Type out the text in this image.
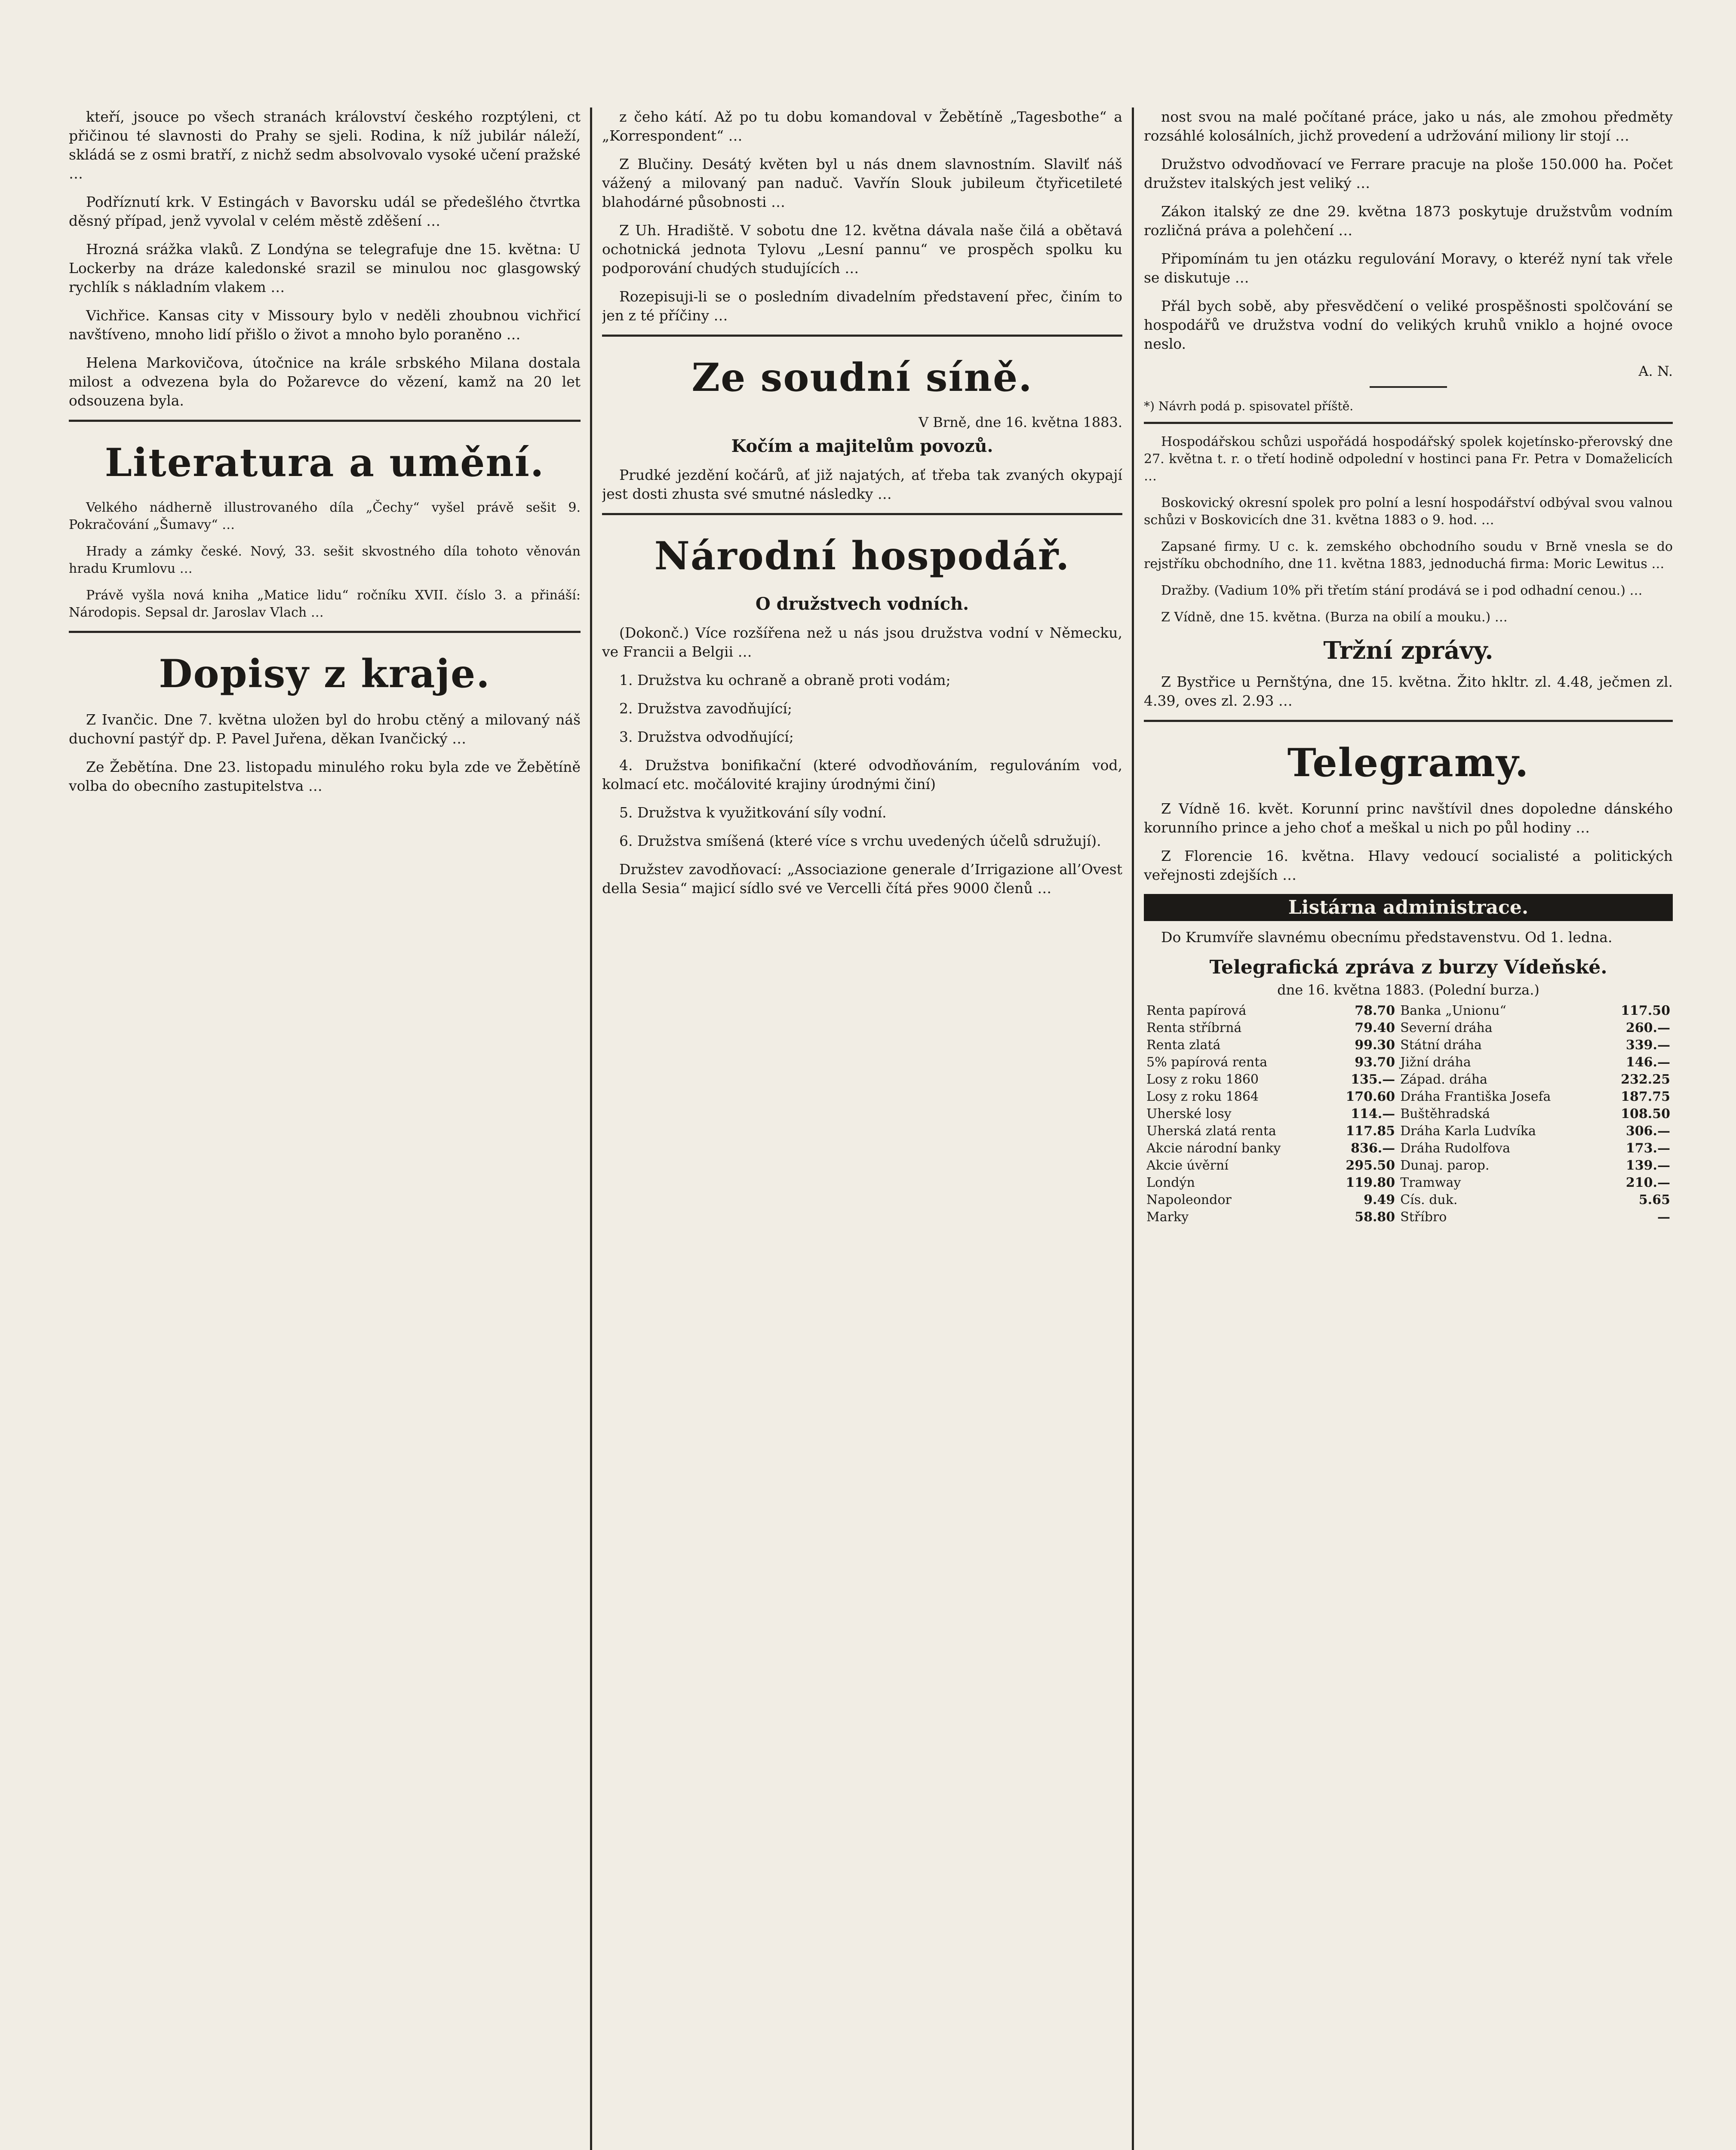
kteří, jsouce po všech stranách království českého rozptýleni, ct přičinou té slavnosti do Prahy se sjeli. Rodina, k níž jubilár náleží, skládá se z osmi bratří, z nichž sedm absolvovalo vysoké učení pražské …

Podříznutí krk. V Estingách v Bavorsku udál se předešlého čtvrtka děsný případ, jenž vyvolal v celém městě zděšení …

Hrozná srážka vlaků. Z Londýna se telegrafuje dne 15. května: U Lockerby na dráze kaledonské srazil se minulou noc glasgowský rychlík s nákladním vlakem …

Vichřice. Kansas city v Missoury bylo v neděli zhoubnou vichřicí navštíveno, mnoho lidí přišlo o život a mnoho bylo poraněno …

Helena Markovičova, útočnice na krále srbského Milana dostala milost a odvezena byla do Požarevce do vězení, kamž na 20 let odsouzena byla.

Literatura a umění.

Velkého nádherně illustrovaného díla „Čechy“ vyšel právě sešit 9. Pokračování „Šumavy“ …

Hrady a zámky české. Nový, 33. sešit skvostného díla tohoto věnován hradu Krumlovu …

Právě vyšla nová kniha „Matice lidu“ ročníku XVII. číslo 3. a přináší: Národopis. Sepsal dr. Jaroslav Vlach …

Dopisy z kraje.

Z Ivančic. Dne 7. května uložen byl do hrobu ctěný a milovaný náš duchovní pastýř dp. P. Pavel Juřena, děkan Ivančický …

Ze Žebětína. Dne 23. listopadu minulého roku byla zde ve Žebětíně volba do obecního zastupitelstva …

z čeho kátí. Až po tu dobu komandoval v Žebětíně „Tagesbothe“ a „Korrespondent“ …

Z Blučiny. Desátý květen byl u nás dnem slavnostním. Slavilť náš vážený a milovaný pan naduč. Vavřín Slouk jubileum čtyřicetileté blahodárné působnosti …

Z Uh. Hradiště. V sobotu dne 12. května dávala naše čilá a obětavá ochotnická jednota Tylovu „Lesní pannu“ ve prospěch spolku ku podporování chudých studujících …

Rozepisuji-li se o posledním divadelním představení přec, činím to jen z té příčiny …

Ze soudní síně.
V Brně, dne 16. května 1883.
Kočím a majitelům povozů.

Prudké jezdění kočárů, ať již najatých, ať třeba tak zvaných okypají jest dosti zhusta své smutné následky …

Národní hospodář.
O družstvech vodních.

(Dokonč.) Více rozšířena než u nás jsou družstva vodní v Německu, ve Francii a Belgii …

1. Družstva ku ochraně a obraně proti vodám;

2. Družstva zavodňující;

3. Družstva odvodňující;

4. Družstva bonifikační (které odvodňováním, regulováním vod, kolmací etc. močálovité krajiny úrodnými činí)

5. Družstva k využitkování síly vodní.

6. Družstva smíšená (které více s vrchu uvedených účelů sdružují).

Družstev zavodňovací: „Associazione generale d’Irrigazione all’Ovest della Sesia“ majicí sídlo své ve Vercelli čítá přes 9000 členů …

nost svou na malé počítané práce, jako u nás, ale zmohou předměty rozsáhlé kolosálních, jichž provedení a udržování miliony lir stojí …

Družstvo odvodňovací ve Ferrare pracuje na ploše 150.000 ha. Počet družstev italských jest veliký …

Zákon italský ze dne 29. května 1873 poskytuje družstvům vodním rozličná práva a polehčení …

Připomínám tu jen otázku regulování Moravy, o kteréž nyní tak vřele se diskutuje …

Přál bych sobě, aby přesvědčení o veliké prospěšnosti spolčování se hospodářů ve družstva vodní do velikých kruhů vniklo a hojné ovoce neslo.

A. N.
*) Návrh podá p. spisovatel příště.

Hospodářskou schůzi uspořádá hospodářský spolek kojetínsko-přerovský dne 27. května t. r. o třetí hodině odpolední v hostinci pana Fr. Petra v Domaželicích …

Boskovický okresní spolek pro polní a lesní hospodářství odbýval svou valnou schůzi v Boskovicích dne 31. května 1883 o 9. hod. …

Zapsané firmy. U c. k. zemského obchodního soudu v Brně vnesla se do rejstříku obchodního, dne 11. května 1883, jednoduchá firma: Moric Lewitus …

Dražby. (Vadium 10% při třetím stání prodává se i pod odhadní cenou.) …

Z Vídně, dne 15. května. (Burza na obilí a mouku.) …

Tržní zprávy.

Z Bystřice u Pernštýna, dne 15. května. Žito hkltr. zl. 4.48, ječmen zl. 4.39, oves zl. 2.93 …

Telegramy.

Z Vídně 16. květ. Korunní princ navštívil dnes dopoledne dánského korunního prince a jeho choť a meškal u nich po půl hodiny …

Z Florencie 16. května. Hlavy vedoucí socialisté a politických veřejnosti zdejších …

Listárna administrace.

Do Krumvíře slavnému obecnímu představenstvu. Od 1. ledna.

Telegrafická zpráva z burzy Vídeňské.
dne 16. května 1883. (Polední burza.)
Renta papírová	78.70	Banka „Unionu“	117.50
Renta stříbrná	79.40	Severní dráha	260.—
Renta zlatá	99.30	Státní dráha	339.—
5% papírová renta	93.70	Jižní dráha	146.—
Losy z roku 1860	135.—	Západ. dráha	232.25
Losy z roku 1864	170.60	Dráha Františka Josefa	187.75
Uherské losy	114.—	Buštěhradská	108.50
Uherská zlatá renta	117.85	Dráha Karla Ludvíka	306.—
Akcie národní banky	836.—	Dráha Rudolfova	173.—
Akcie úvěrní	295.50	Dunaj. parop.	139.—
Londýn	119.80	Tramway	210.—
Napoleondor	9.49	Cís. duk.	5.65
Marky	58.80	Stříbro	—
